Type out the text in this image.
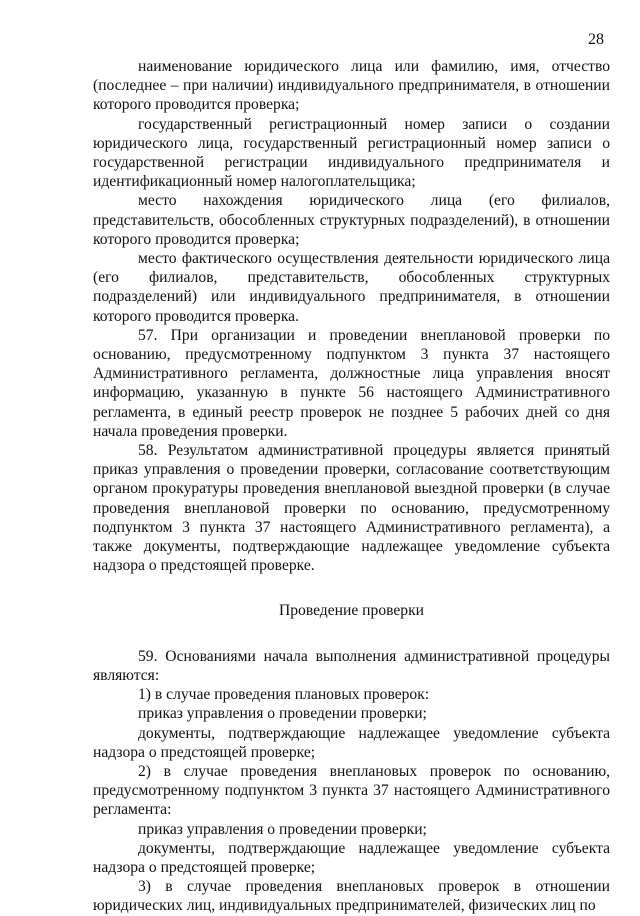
28

наименование юридического лица или фамилию, имя, отчество (последнее – при наличии) индивидуального предпринимателя, в отношении которого проводится проверка;

государственный регистрационный номер записи о создании юридического лица, государственный регистрационный номер записи о государственной регистрации индивидуального предпринимателя и идентификационный номер налогоплательщика;

место нахождения юридического лица (его филиалов, представительств, обособленных структурных подразделений), в отношении которого проводится проверка;

место фактического осуществления деятельности юридического лица (его филиалов, представительств, обособленных структурных подразделений) или индивидуального предпринимателя, в отношении которого проводится проверка.

57. При организации и проведении внеплановой проверки по основанию, предусмотренному подпунктом 3 пункта 37 настоящего Административного регламента, должностные лица управления вносят информацию, указанную в пункте 56 настоящего Административного регламента, в единый реестр проверок не позднее 5 рабочих дней со дня начала проведения проверки.

58. Результатом административной процедуры является принятый приказ управления о проведении проверки, согласование соответствующим органом прокуратуры проведения внеплановой выездной проверки (в случае проведения внеплановой проверки по основанию, предусмотренному подпунктом 3 пункта 37 настоящего Административного регламента), а также документы, подтверждающие надлежащее уведомление субъекта надзора о предстоящей проверке.

Проведение проверки

59. Основаниями начала выполнения административной процедуры являются:

1) в случае проведения плановых проверок:

приказ управления о проведении проверки;

документы, подтверждающие надлежащее уведомление субъекта надзора о предстоящей проверке;

2) в случае проведения внеплановых проверок по основанию, предусмотренному подпунктом 3 пункта 37 настоящего Административного регламента:

приказ управления о проведении проверки;

документы, подтверждающие надлежащее уведомление субъекта надзора о предстоящей проверке;

3) в случае проведения внеплановых проверок в отношении юридических лиц, индивидуальных предпринимателей, физических лиц по
